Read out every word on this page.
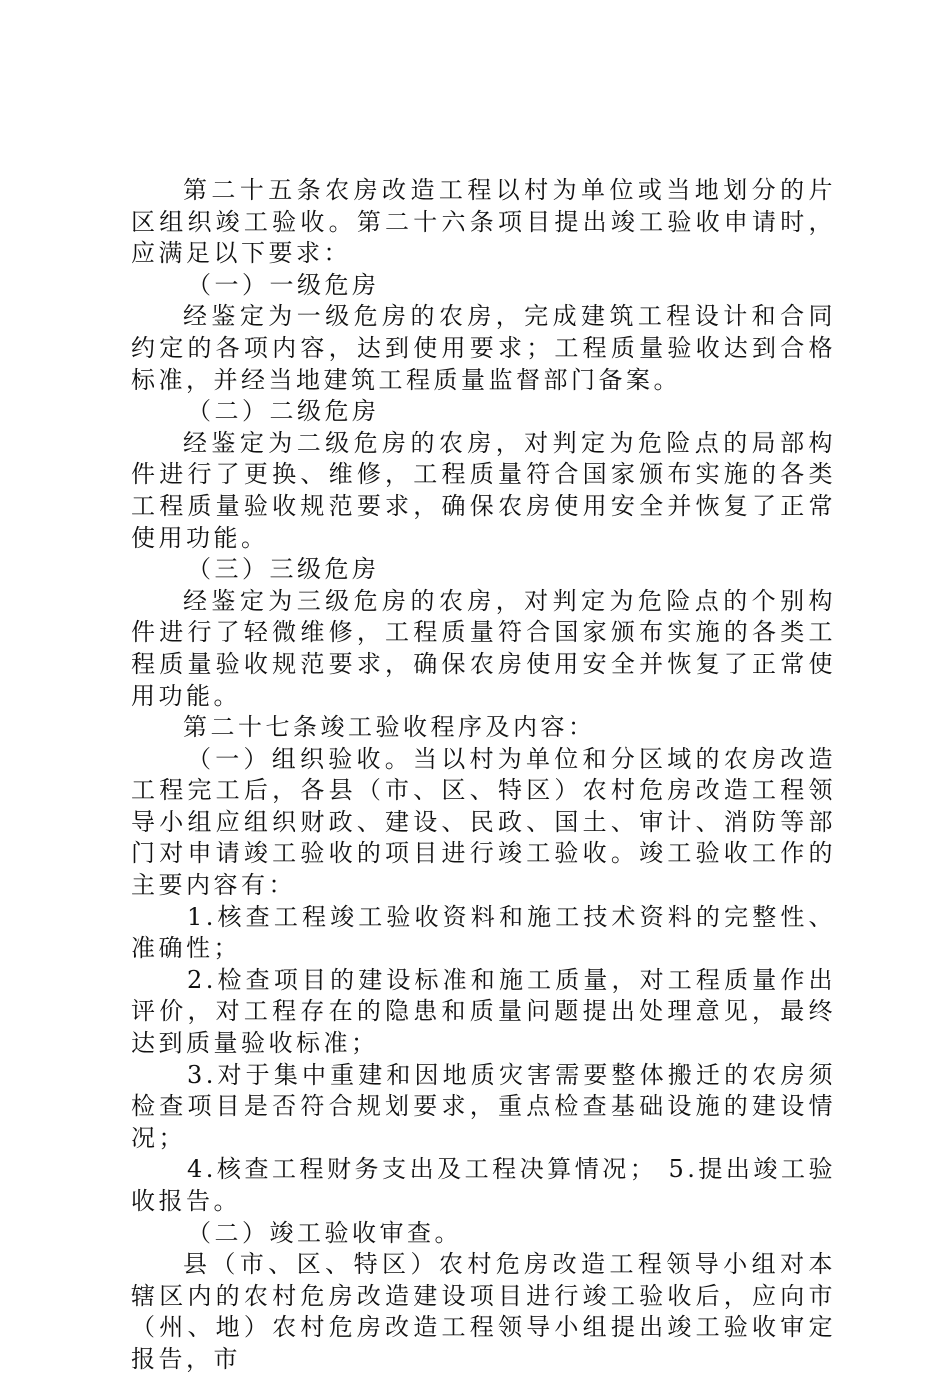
第二十五条农房改造工程以村为单位或当地划分的片区组织竣工验收。第二十六条项目提出竣工验收申请时，应满足以下要求：

（一）一级危房

经鉴定为一级危房的农房，完成建筑工程设计和合同约定的各项内容，达到使用要求；工程质量验收达到合格标准，并经当地建筑工程质量监督部门备案。

（二）二级危房

经鉴定为二级危房的农房，对判定为危险点的局部构件进行了更换、维修，工程质量符合国家颁布实施的各类工程质量验收规范要求，确保农房使用安全并恢复了正常使用功能。

（三）三级危房

经鉴定为三级危房的农房，对判定为危险点的个别构件进行了轻微维修，工程质量符合国家颁布实施的各类工程质量验收规范要求，确保农房使用安全并恢复了正常使用功能。

第二十七条竣工验收程序及内容：

（一）组织验收。当以村为单位和分区域的农房改造工程完工后，各县（市、区、特区）农村危房改造工程领导小组应组织财政、建设、民政、国土、审计、消防等部门对申请竣工验收的项目进行竣工验收。竣工验收工作的主要内容有：

1.核查工程竣工验收资料和施工技术资料的完整性、准确性；

2.检查项目的建设标准和施工质量，对工程质量作出评价，对工程存在的隐患和质量问题提出处理意见，最终达到质量验收标准；

3.对于集中重建和因地质灾害需要整体搬迁的农房须检查项目是否符合规划要求，重点检查基础设施的建设情况；

4.核查工程财务支出及工程决算情况； 5.提出竣工验收报告。

（二）竣工验收审查。

县（市、区、特区）农村危房改造工程领导小组对本辖区内的农村危房改造建设项目进行竣工验收后，应向市（州、地）农村危房改造工程领导小组提出竣工验收审定报告，市
